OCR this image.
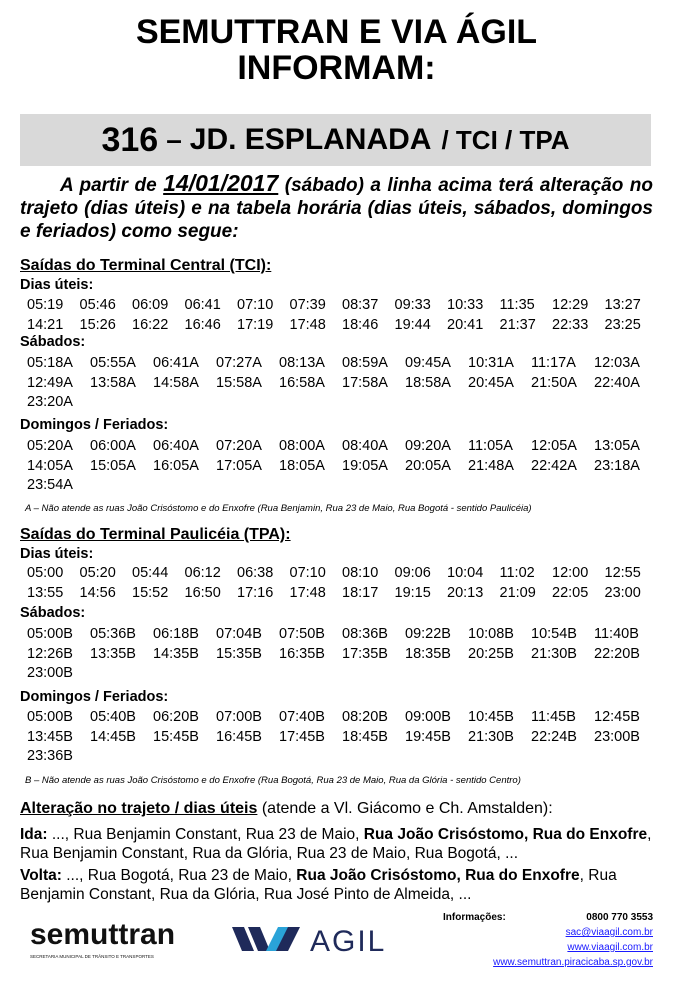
SEMUTTRAN E VIA ÁGIL
INFORMAM:
316 – JD. ESPLANADA / TCI / TPA
A partir de 14/01/2017 (sábado) a linha acima terá alteração no trajeto (dias úteis) e na tabela horária (dias úteis, sábados, domingos e feriados) como segue:
Saídas do Terminal Central (TCI):
Dias úteis:
05:19	05:46	06:09	06:41	07:10	07:39	08:37	09:33	10:33	11:35	12:29	13:27
14:21	15:26	16:22	16:46	17:19	17:48	18:46	19:44	20:41	21:37	22:33	23:25
Sábados:
05:18A	05:55A	06:41A	07:27A	08:13A	08:59A	09:45A	10:31A	11:17A	12:03A
12:49A	13:58A	14:58A	15:58A	16:58A	17:58A	18:58A	20:45A	21:50A	22:40A
23:20A
Domingos / Feriados:
05:20A	06:00A	06:40A	07:20A	08:00A	08:40A	09:20A	11:05A	12:05A	13:05A
14:05A	15:05A	16:05A	17:05A	18:05A	19:05A	20:05A	21:48A	22:42A	23:18A
23:54A
A – Não atende as ruas João Crisóstomo e do Enxofre (Rua Benjamin, Rua 23 de Maio, Rua Bogotá - sentido Paulicéia)
Saídas do Terminal Paulicéia (TPA):
Dias úteis:
05:00	05:20	05:44	06:12	06:38	07:10	08:10	09:06	10:04	11:02	12:00	12:55
13:55	14:56	15:52	16:50	17:16	17:48	18:17	19:15	20:13	21:09	22:05	23:00
Sábados:
05:00B	05:36B	06:18B	07:04B	07:50B	08:36B	09:22B	10:08B	10:54B	11:40B
12:26B	13:35B	14:35B	15:35B	16:35B	17:35B	18:35B	20:25B	21:30B	22:20B
23:00B
Domingos / Feriados:
05:00B	05:40B	06:20B	07:00B	07:40B	08:20B	09:00B	10:45B	11:45B	12:45B
13:45B	14:45B	15:45B	16:45B	17:45B	18:45B	19:45B	21:30B	22:24B	23:00B
23:36B
B – Não atende as ruas João Crisóstomo e do Enxofre (Rua Bogotá, Rua 23 de Maio, Rua da Glória - sentido Centro)
Alteração no trajeto / dias úteis (atende a Vl. Giácomo e Ch. Amstalden):
Ida: ..., Rua Benjamin Constant, Rua 23 de Maio, Rua João Crisóstomo, Rua do Enxofre, Rua Benjamin Constant, Rua da Glória, Rua 23 de Maio, Rua Bogotá, ...
Volta: ..., Rua Bogotá, Rua 23 de Maio, Rua João Crisóstomo, Rua do Enxofre, Rua Benjamin Constant, Rua da Glória, Rua José Pinto de Almeida, ...
semuttran
SECRETARIA MUNICIPAL DE TRÂNSITO E TRANSPORTES	AGIL
Informações:	0800 770 3553
sac@viaagil.com.br
www.viaagil.com.br
www.semuttran.piracicaba.sp.gov.br
